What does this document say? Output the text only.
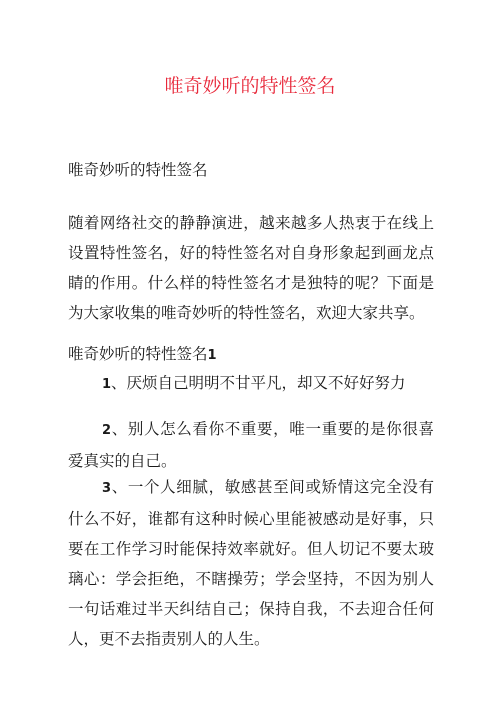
唯奇妙听的特性签名

唯奇妙听的特性签名

随着网络社交的静静演进，越来越多人热衷于在线上设置特性签名，好的特性签名对自身形象起到画龙点睛的作用。什么样的特性签名才是独特的呢？下面是为大家收集的唯奇妙听的特性签名，欢迎大家共享。

唯奇妙听的特性签名1

1、厌烦自己明明不甘平凡，却又不好好努力

2、别人怎么看你不重要，唯一重要的是你很喜爱真实的自己。

3、一个人细腻，敏感甚至间或矫情这完全没有什么不好，谁都有这种时候心里能被感动是好事，只要在工作学习时能保持效率就好。但人切记不要太玻璃心：学会拒绝，不瞎操劳；学会坚持，不因为别人一句话难过半天纠结自己；保持自我，不去迎合任何人，更不去指责别人的人生。
